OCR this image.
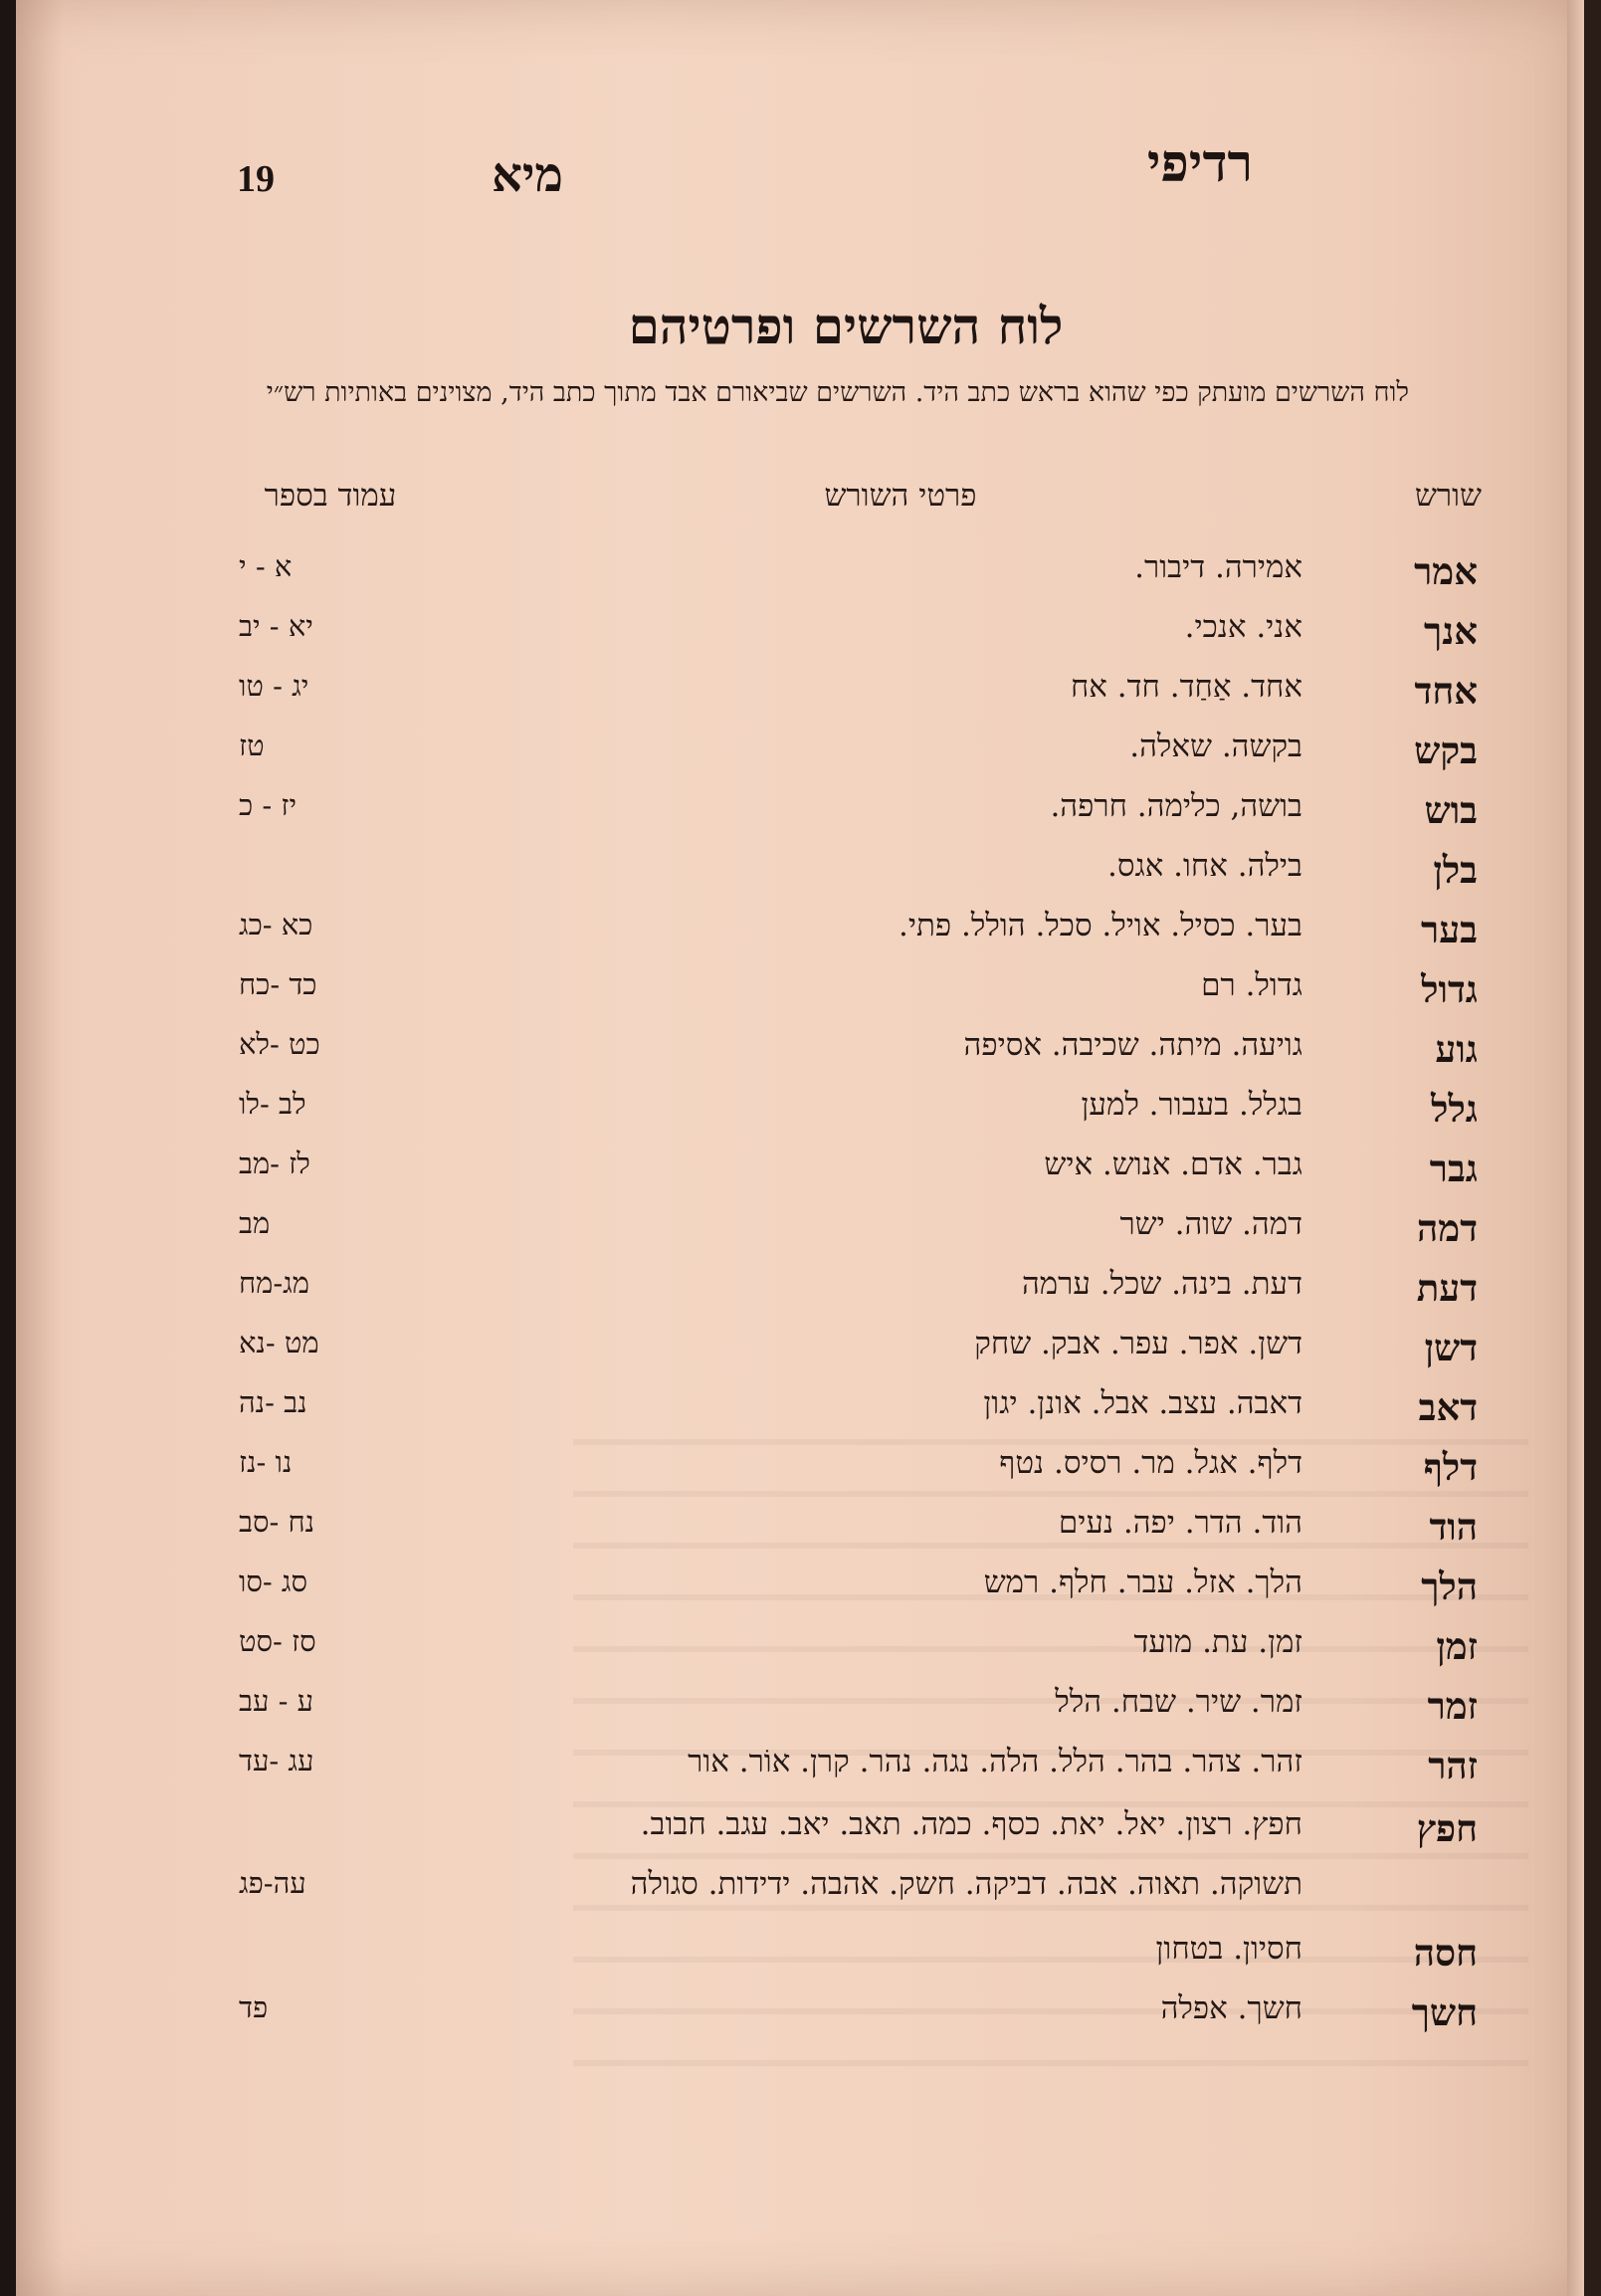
19	מיא	רדיפי
לוח השרשים ופרטיהם
לוח השרשים מועתק כפי שהוא בראש כתב היד. השרשים שביאורם אבד מתוך כתב היד, מצוינים באותיות רש״י
שורש
פרטי השורש
עמוד בספר
אמר
אמירה. דיבור.
א - י
אנך
אני. אנכי.
יא - יב
אחד
אחד. אַחַד. חד. אח
יג - טו
בקש
בקשה. שאלה.
טז
בוש
בושה, כלימה. חרפה.
יז - כ
בלן
בילה. אחו. אגס.
בער
בער. כסיל. אויל. סכל. הולל. פתי.
כא -כג
גדול
גדול. רם
כד -כח
גוע
גויעה. מיתה. שכיבה. אסיפה
כט -לא
גלל
בגלל. בעבור. למען
לב -לו
גבר
גבר. אדם. אנוש. איש
לז -מב
דמה
דמה. שוה. ישר
מב
דעת
דעת. בינה. שכל. ערמה
מג-מח
דשן
דשן. אפר. עפר. אבק. שחק
מט -נא
דאב
דאבה. עצב. אבל. אונן. יגון
נב -נה
דלף
דלף. אגל. מר. רסיס. נטף
נו -נז
הוד
הוד. הדר. יפה. נעים
נח -סב
הלך
הלך. אזל. עבר. חלף. רמש
סג -סו
זמן
זמן. עת. מועד
סז -סט
זמר
זמר. שיר. שבח. הלל
ע - עב
זהר
זהר. צהר. בהר. הלל. הלה. נגה. נהר. קרן. אוֹר. אור
עג -עד
חפץ
חפץ. רצון. יאל. יאת. כסף. כמה. תאב. יאב. עגב. חבוב.
תשוקה. תאוה. אבה. דביקה. חשק. אהבה. ידידות. סגולה
עה-פג
חסה
חסיון. בטחון
חשך
חשך. אפלה
פד
